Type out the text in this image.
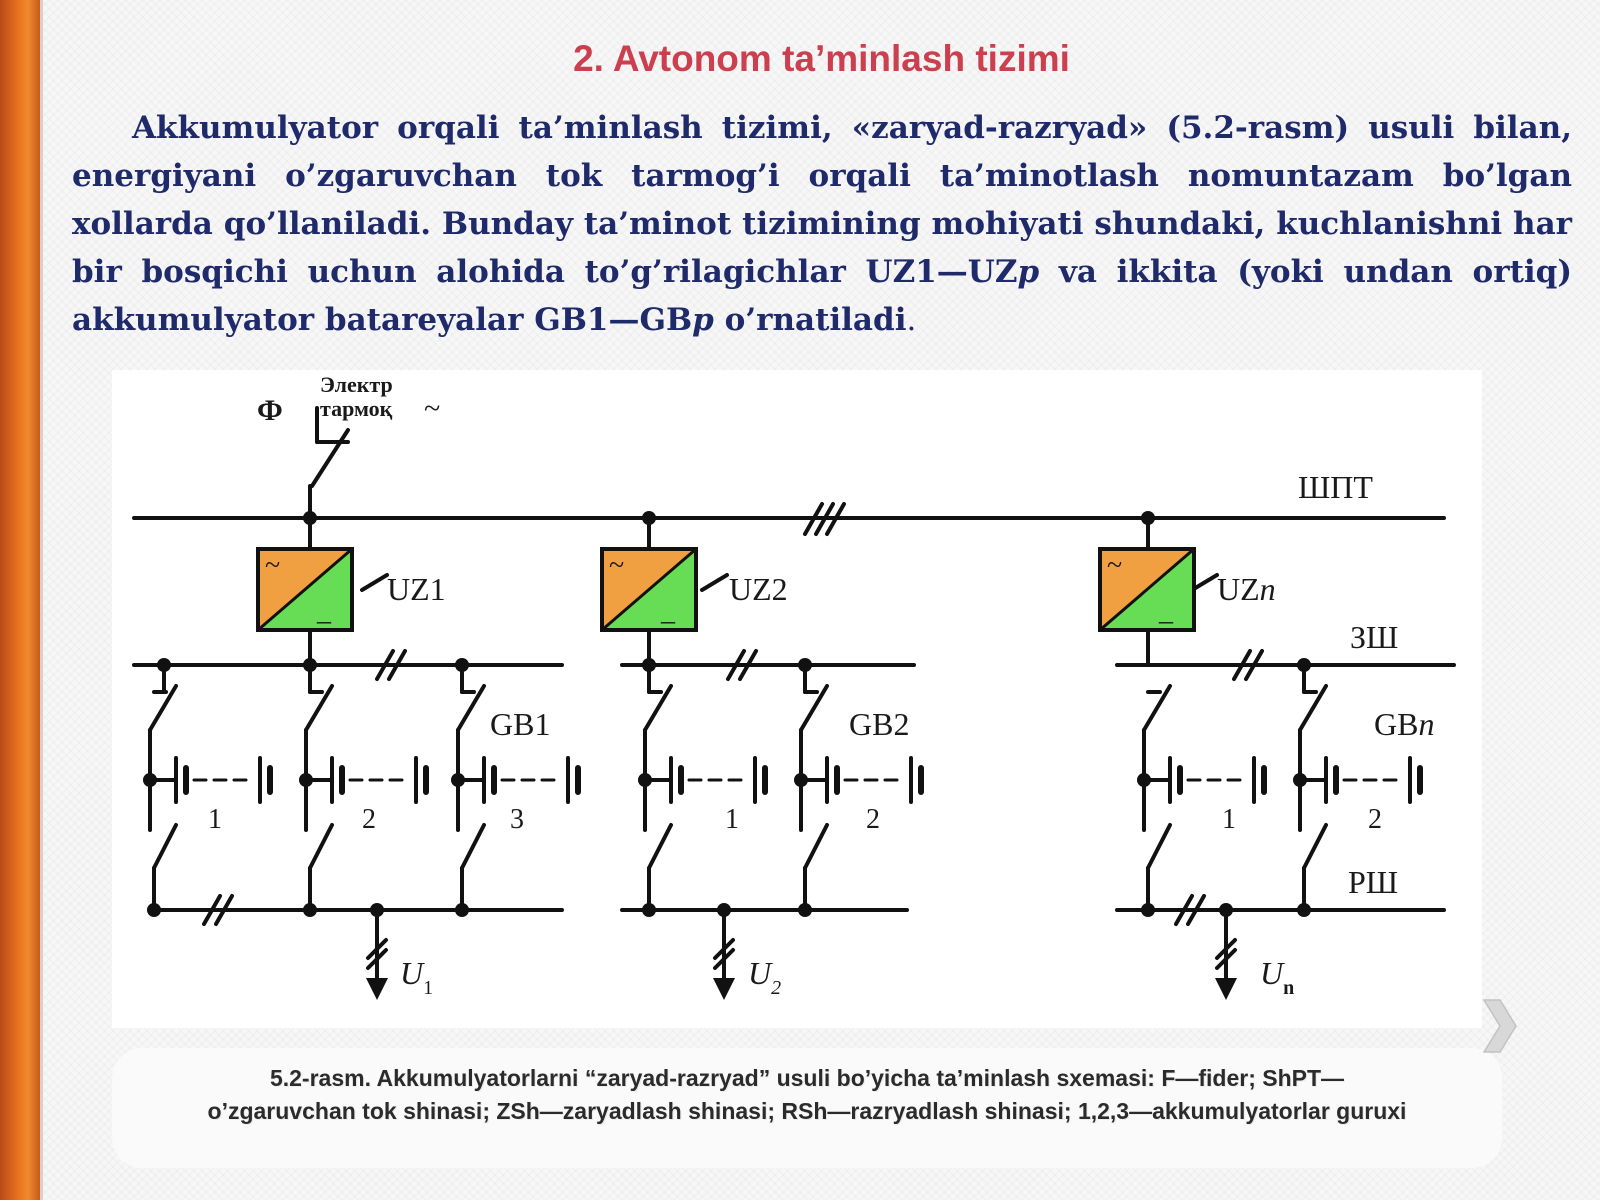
2. Avtonom ta’minlash tizimi
Akkumulyator orqali ta’minlash tizimi, «zaryad-razryad» (5.2-rasm) usuli bilan, energiyani o’zgaruvchan tok tarmog’i orqali ta’minotlash nomuntazam bo’lgan xollarda qo’llaniladi. Bunday ta’minot tizimining mohiyati shundaki, kuchlanishni har bir bosqichi uchun alohida to’g’rilagichlar UZ1—UZp va ikkita (yoki undan ortiq) akkumulyator batareyalar GB1—GBp o’rnatiladi.
Ф
Электр
тармоқ ~
ШПТ
ЗШ
РШ
~
_
~
_
~
_
UZ1	UZ2	UZn
GB1	GB2	GBn
1	2	3	1	2	1	2
$U_1$	$U_2$	$U_n$
5.2-rasm. Akkumulyatorlarni “zaryad-razryad” usuli bo’yicha ta’minlash sxemasi: F—fider; ShPT—
o’zgaruvchan tok shinasi; ZSh—zaryadlash shinasi; RSh—razryadlash shinasi; 1,2,3—akkumulyatorlar guruxi
